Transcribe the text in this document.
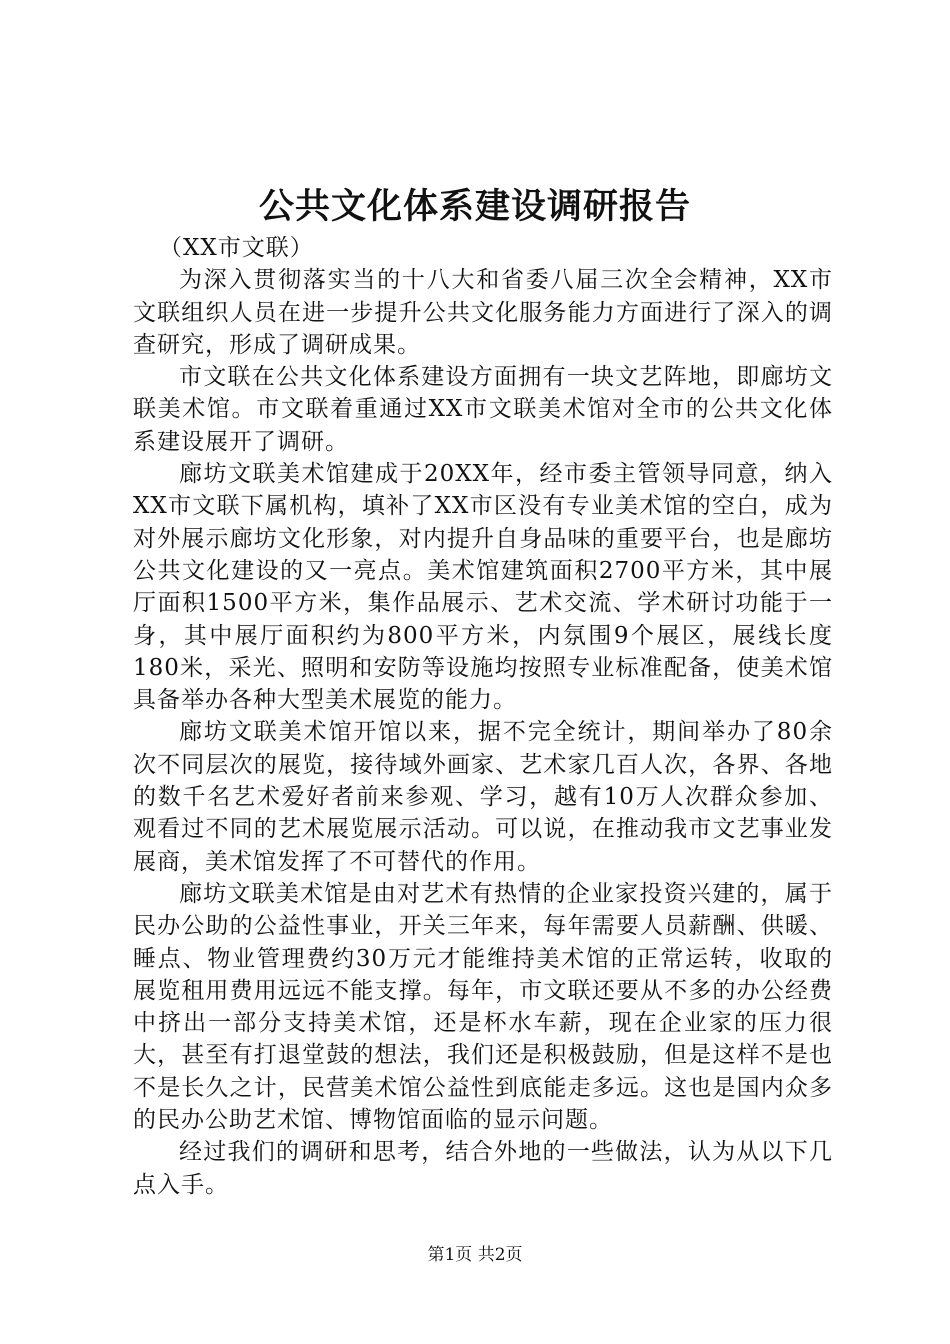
公共文化体系建设调研报告

（XX市文联）

为深入贯彻落实当的十八大和省委八届三次全会精神，XX市文联组织人员在进一步提升公共文化服务能力方面进行了深入的调查研究，形成了调研成果。

市文联在公共文化体系建设方面拥有一块文艺阵地，即廊坊文联美术馆。市文联着重通过XX市文联美术馆对全市的公共文化体系建设展开了调研。

廊坊文联美术馆建成于20XX年，经市委主管领导同意，纳入XX市文联下属机构，填补了XX市区没有专业美术馆的空白，成为对外展示廊坊文化形象，对内提升自身品味的重要平台，也是廊坊公共文化建设的又一亮点。美术馆建筑面积2700平方米，其中展厅面积1500平方米，集作品展示、艺术交流、学术研讨功能于一身，其中展厅面积约为800平方米，内氛围9个展区，展线长度180米，采光、照明和安防等设施均按照专业标准配备，使美术馆具备举办各种大型美术展览的能力。

廊坊文联美术馆开馆以来，据不完全统计，期间举办了80余次不同层次的展览，接待域外画家、艺术家几百人次，各界、各地的数千名艺术爱好者前来参观、学习，越有10万人次群众参加、观看过不同的艺术展览展示活动。可以说，在推动我市文艺事业发展商，美术馆发挥了不可替代的作用。

廊坊文联美术馆是由对艺术有热情的企业家投资兴建的，属于民办公助的公益性事业，开关三年来，每年需要人员薪酬、供暖、睡点、物业管理费约30万元才能维持美术馆的正常运转，收取的展览租用费用远远不能支撑。每年，市文联还要从不多的办公经费中挤出一部分支持美术馆，还是杯水车薪，现在企业家的压力很大，甚至有打退堂鼓的想法，我们还是积极鼓励，但是这样不是也不是长久之计，民营美术馆公益性到底能走多远。这也是国内众多的民办公助艺术馆、博物馆面临的显示问题。

经过我们的调研和思考，结合外地的一些做法，认为从以下几点入手。

第1页 共2页
